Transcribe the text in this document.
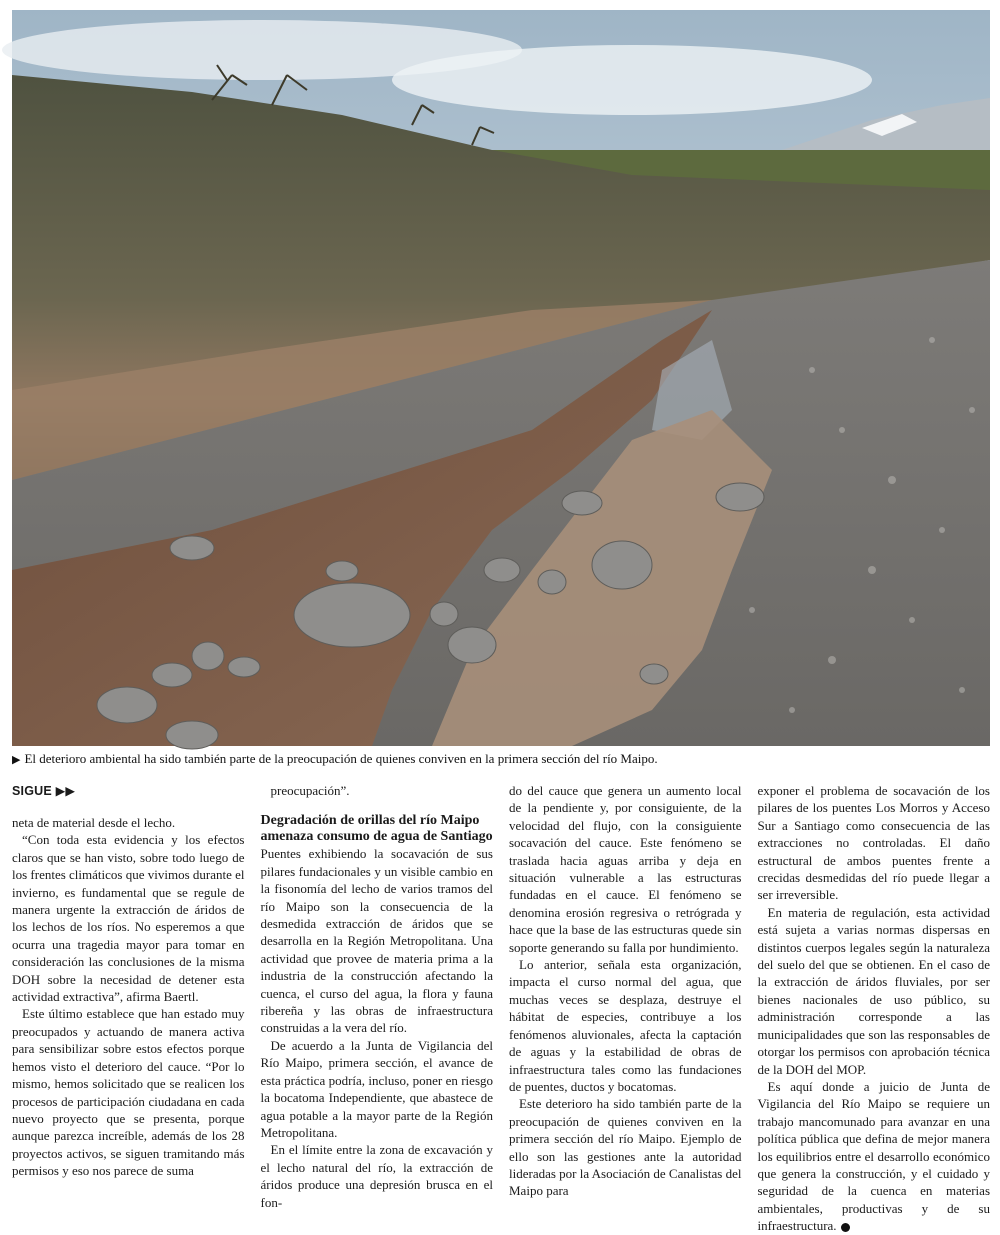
▶ El deterioro ambiental ha sido también parte de la preocupación de quienes conviven en la primera sección del río Maipo.
SIGUE ▶▶

neta de material desde el lecho.

“Con toda esta evidencia y los efectos claros que se han visto, sobre todo luego de los frentes climáticos que vivimos durante el invierno, es fundamental que se regule de manera urgente la extracción de áridos de los lechos de los ríos. No esperemos a que ocurra una tragedia mayor para tomar en consideración las conclusiones de la misma DOH sobre la necesidad de detener esta actividad extractiva”, afirma Baertl.

Este último establece que han estado muy preocupados y actuando de manera activa para sensibilizar sobre estos efectos porque hemos visto el deterioro del cauce. “Por lo mismo, hemos solicitado que se realicen los procesos de participación ciudadana en cada nuevo proyecto que se presenta, porque aunque parezca increíble, además de los 28 proyectos activos, se siguen tramitando más permisos y eso nos parece de suma

preocupación”.

Degradación de orillas del río Maipo amenaza consumo de agua de Santiago

Puentes exhibiendo la socavación de sus pilares fundacionales y un visible cambio en la fisonomía del lecho de varios tramos del río Maipo son la consecuencia de la desmedida extracción de áridos que se desarrolla en la Región Metropolitana. Una actividad que provee de materia prima a la industria de la construcción afectando la cuenca, el curso del agua, la flora y fauna ribereña y las obras de infraestructura construidas a la vera del río.

De acuerdo a la Junta de Vigilancia del Río Maipo, primera sección, el avance de esta práctica podría, incluso, poner en riesgo la bocatoma Independiente, que abastece de agua potable a la mayor parte de la Región Metropolitana.

En el límite entre la zona de excavación y el lecho natural del río, la extracción de áridos produce una depresión brusca en el fon-

do del cauce que genera un aumento local de la pendiente y, por consiguiente, de la velocidad del flujo, con la consiguiente socavación del cauce. Este fenómeno se traslada hacia aguas arriba y deja en situación vulnerable a las estructuras fundadas en el cauce. El fenómeno se denomina erosión regresiva o retrógrada y hace que la base de las estructuras quede sin soporte generando su falla por hundimiento.

Lo anterior, señala esta organización, impacta el curso normal del agua, que muchas veces se desplaza, destruye el hábitat de especies, contribuye a los fenómenos aluvionales, afecta la captación de aguas y la estabilidad de obras de infraestructura tales como las fundaciones de puentes, ductos y bocatomas.

Este deterioro ha sido también parte de la preocupación de quienes conviven en la primera sección del río Maipo. Ejemplo de ello son las gestiones ante la autoridad lideradas por la Asociación de Canalistas del Maipo para

exponer el problema de socavación de los pilares de los puentes Los Morros y Acceso Sur a Santiago como consecuencia de las extracciones no controladas. El daño estructural de ambos puentes frente a crecidas desmedidas del río puede llegar a ser irreversible.

En materia de regulación, esta actividad está sujeta a varias normas dispersas en distintos cuerpos legales según la naturaleza del suelo del que se obtienen. En el caso de la extracción de áridos fluviales, por ser bienes nacionales de uso público, su administración corresponde a las municipalidades que son las responsables de otorgar los permisos con aprobación técnica de la DOH del MOP.

Es aquí donde a juicio de Junta de Vigilancia del Río Maipo se requiere un trabajo mancomunado para avanzar en una política pública que defina de mejor manera los equilibrios entre el desarrollo económico que genera la construcción, y el cuidado y seguridad de la cuenca en materias ambientales, productivas y de su infraestructura.
